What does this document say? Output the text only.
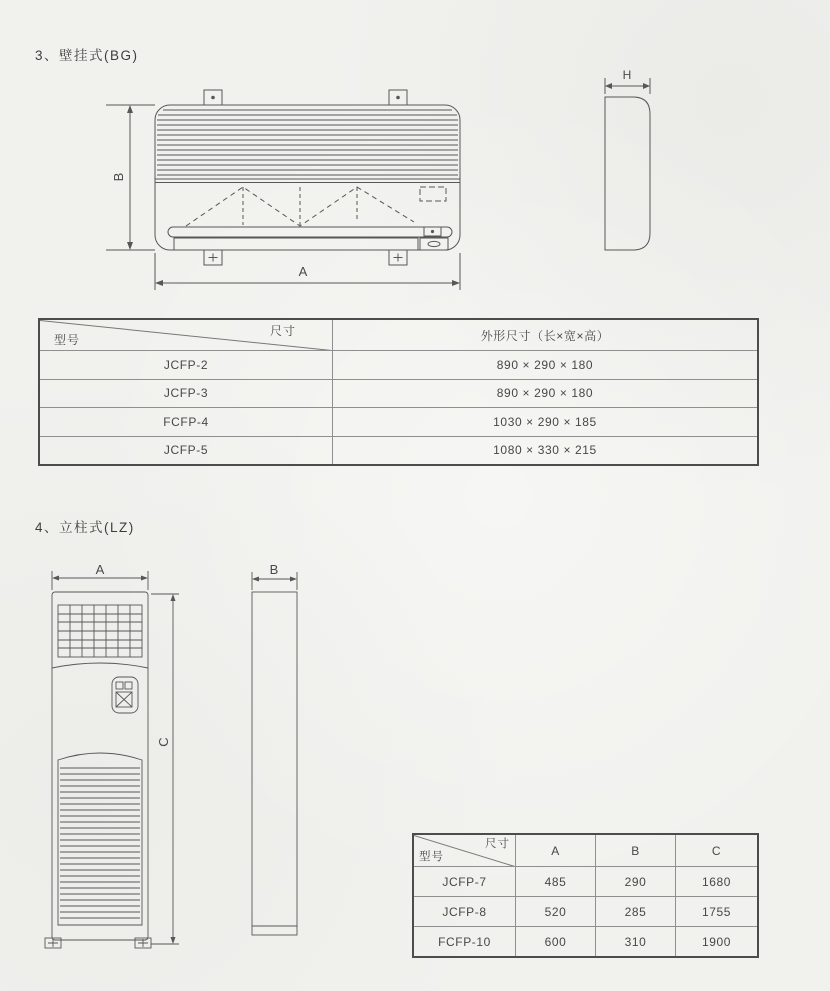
3、壁挂式(BG)
A
B
H
尺寸
型号	外形尺寸（长×宽×高）
JCFP-2	890 × 290 × 180
JCFP-3	890 × 290 × 180
FCFP-4	1030 × 290 × 185
JCFP-5	1080 × 330 × 215
4、立柱式(LZ)
A	B
C
尺寸
型号	A	B	C
JCFP-7	485	290	1680
JCFP-8	520	285	1755
FCFP-10	600	310	1900
